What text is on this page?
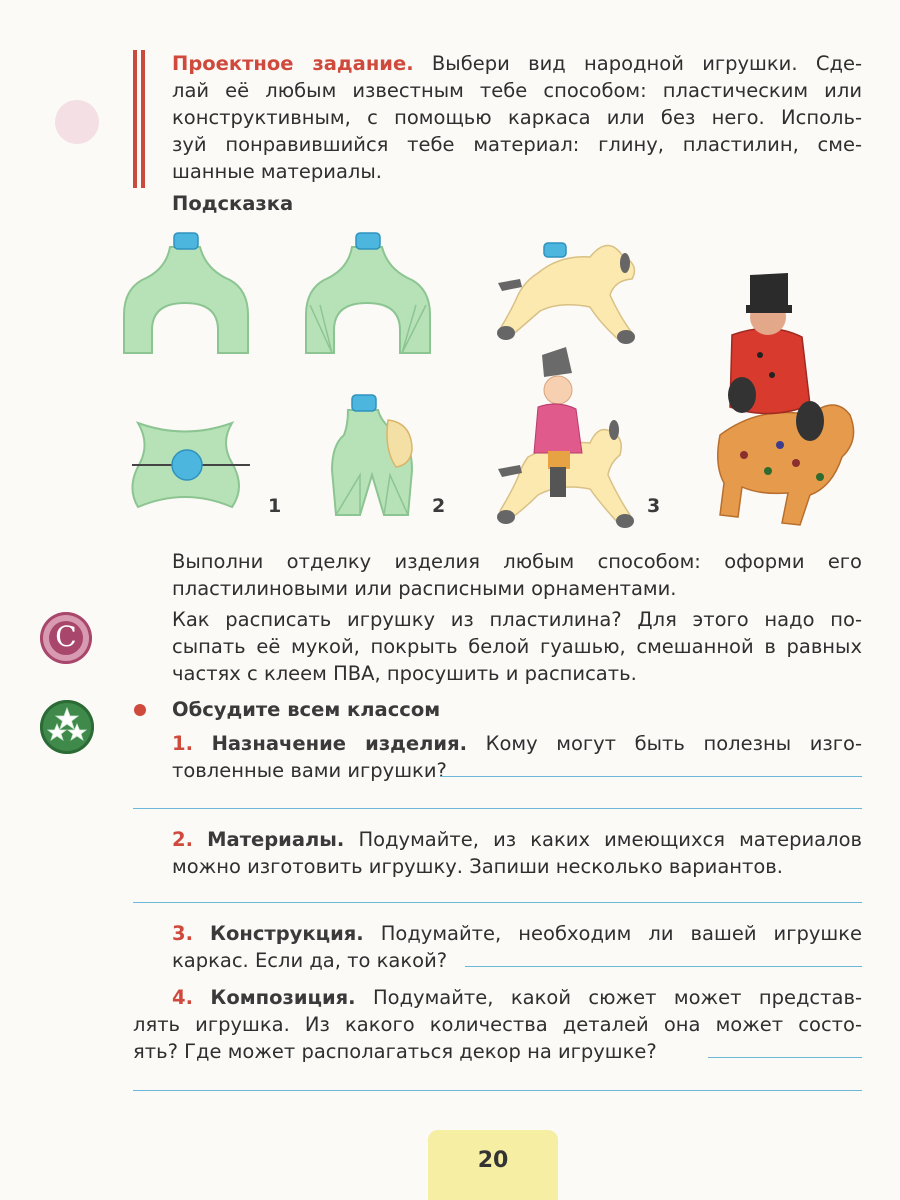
Проектное задание. Выбери вид народной игрушки. Сде-
лай её любым известным тебе способом: пластическим или
конструктивным, с помощью каркаса или без него. Исполь-
зуй понравившийся тебе материал: глину, пластилин, сме-
шанные материалы.
Подсказка
1	2	3
Выполни отделку изделия любым способом: оформи его
пластилиновыми или расписными орнаментами.
C
Как расписать игрушку из пластилина? Для этого надо по-
сыпать её мукой, покрыть белой гуашью, смешанной в равных
частях с клеем ПВА, просушить и расписать.
Обсудите всем классом
1. Назначение изделия. Кому могут быть полезны изго-
товленные вами игрушки?
2. Материалы. Подумайте, из каких имеющихся материалов
можно изготовить игрушку. Запиши несколько вариантов.
3. Конструкция. Подумайте, необходим ли вашей игрушке
каркас. Если да, то какой?
4. Композиция. Подумайте, какой сюжет может представ-
лять игрушка. Из какого количества деталей она может состо-
ять? Где может располагаться декор на игрушке?
20
